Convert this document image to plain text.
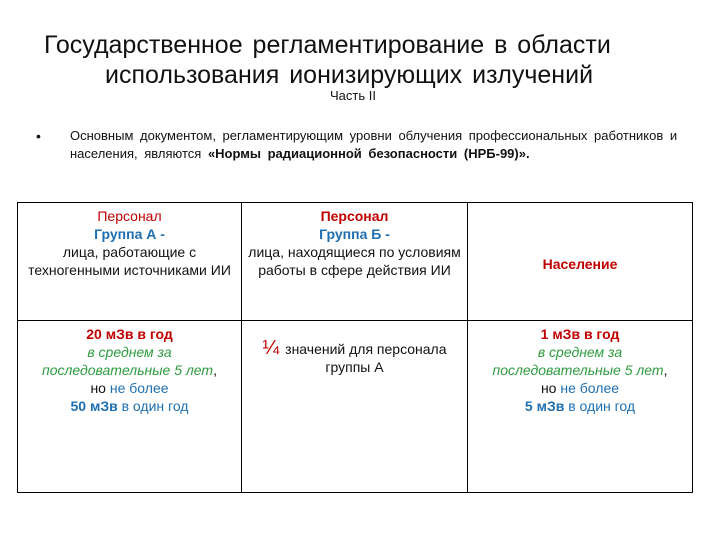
Государственное регламентирование в области
использования ионизирующих излучений
Часть II
•	Основным документом, регламентирующим уровни облучения профессиональных работников и населения, являются «Нормы радиационной безопасности (НРБ-99)».
Персонал
Группа А -
лица, работающие с техногенными источниками ИИ	Персонал
Группа Б -
лица, находящиеся по условиям работы в сфере действия ИИ	Население

20 мЗв в год
в среднем за последовательные 5 лет,
но не более
50 мЗв в один год	¼ значений для персонала группы А	1 мЗв в год
в среднем за последовательные 5 лет,
но не более
5 мЗв в один год
